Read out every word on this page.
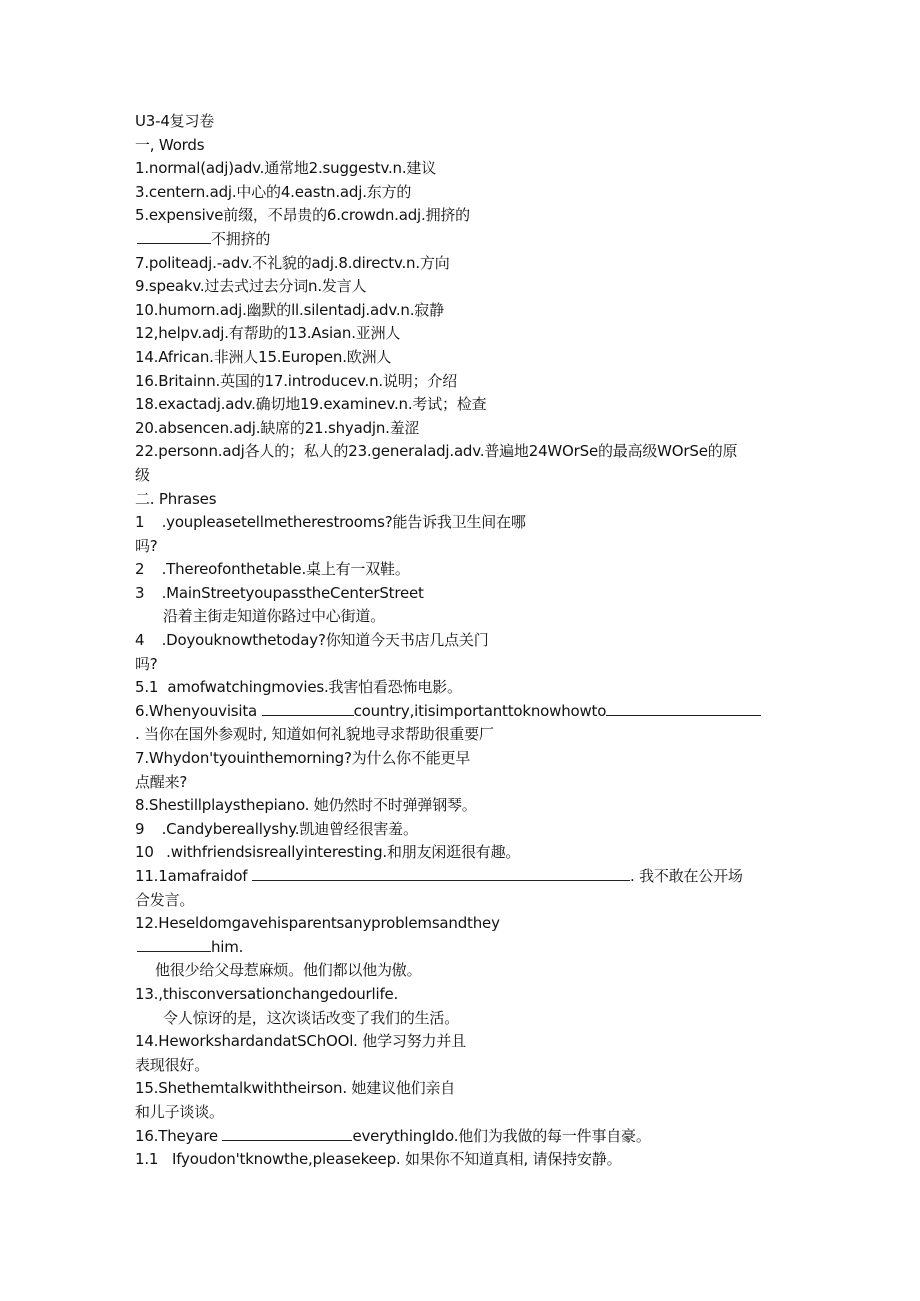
U3-4复习卷
一, Words
1.normal(adj)adv.通常地2.suggestv.n.建议
3.centern.adj.中心的4.eastn.adj.东方的
5.expensive前缀，不昂贵的6.crowdn.adj.拥挤的
不拥挤的
7.politeadj.-adv.不礼貌的adj.8.directv.n.方向
9.speakv.过去式过去分词n.发言人
10.humorn.adj.幽默的ll.silentadj.adv.n.寂静
12,helpv.adj.有帮助的13.Asian.亚洲人
14.African.非洲人15.Europen.欧洲人
16.Britainn.英国的17.introducev.n.说明；介绍
18.exactadj.adv.确切地19.examinev.n.考试；检查
20.absencen.adj.缺席的21.shyadjn.羞涩
22.personn.adj各人的；私人的23.generaladj.adv.普遍地24WOrSe的最高级WOrSe的原
级
二. Phrases
1 .youpleasetellmetherestrooms?能告诉我卫生间在哪
吗?
2 .Thereofonthetable.桌上有一双鞋。
3 .MainStreetyoupasstheCenterStreet
沿着主街走知道你路过中心街道。
4 .Doyouknowthetoday?你知道今天书店几点关门
吗?
5.1 amofwatchingmovies.我害怕看恐怖电影。
6.Whenyouvisita	country,itisimportanttoknowhowto
. 当你在国外参观时, 知道如何礼貌地寻求帮助很重要厂
7.Whydon'tyouinthemorning?为什么你不能更早
点醒来?
8.Shestillplaysthepiano. 她仍然时不时弹弹钢琴。
9 .Candybereallyshy.凯迪曾经很害羞。
10 .withfriendsisreallyinteresting.和朋友闲逛很有趣。
11.1amafraidof	. 我不敢在公开场
合发言。
12.Heseldomgavehisparentsanyproblemsandthey
him.
他很少给父母惹麻烦。他们都以他为傲。
13.,thisconversationchangedourlife.
令人惊讶的是，这次谈话改变了我们的生活。
14.HeworkshardandatSChOOl. 他学习努力并且
表现很好。
15.Shethemtalkwiththeirson. 她建议他们亲自
和儿子谈谈。
16.Theyare	everythingIdo.他们为我做的每一件事自豪。
1.1 Ifyoudon'tknowthe,pleasekeep. 如果你不知道真相, 请保持安静。
